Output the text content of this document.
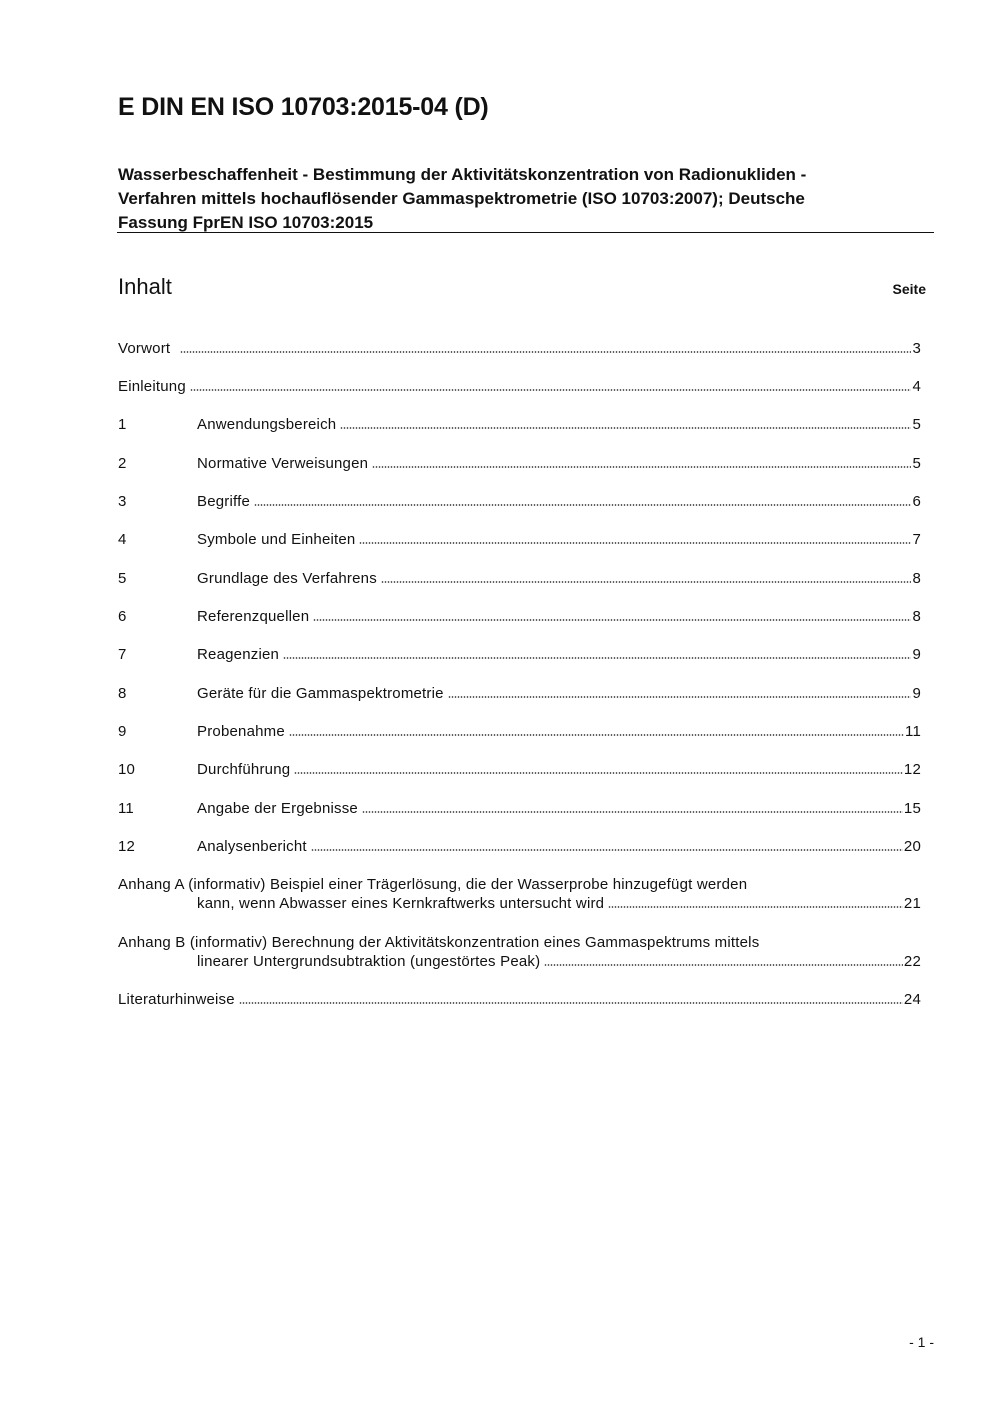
E DIN EN ISO 10703:2015-04 (D)
Wasserbeschaffenheit - Bestimmung der Aktivitätskonzentration von Radionukliden -
Verfahren mittels hochauflösender Gammaspektrometrie (ISO 10703:2007); Deutsche
Fassung FprEN ISO 10703:2015
Inhalt	Seite
Vorwort	3
Einleitung	4
1	Anwendungsbereich	5
2	Normative Verweisungen	5
3	Begriffe	6
4	Symbole und Einheiten	7
5	Grundlage des Verfahrens	8
6	Referenzquellen	8
7	Reagenzien	9
8	Geräte für die Gammaspektrometrie	9
9	Probenahme	11
10	Durchführung	12
11	Angabe der Ergebnisse	15
12	Analysenbericht	20
Anhang A (informativ) Beispiel einer Trägerlösung, die der Wasserprobe hinzugefügt werden
kann, wenn Abwasser eines Kernkraftwerks untersucht wird	21
Anhang B (informativ) Berechnung der Aktivitätskonzentration eines Gammaspektrums mittels
linearer Untergrundsubtraktion (ungestörtes Peak)	22
Literaturhinweise	24
- 1 -
